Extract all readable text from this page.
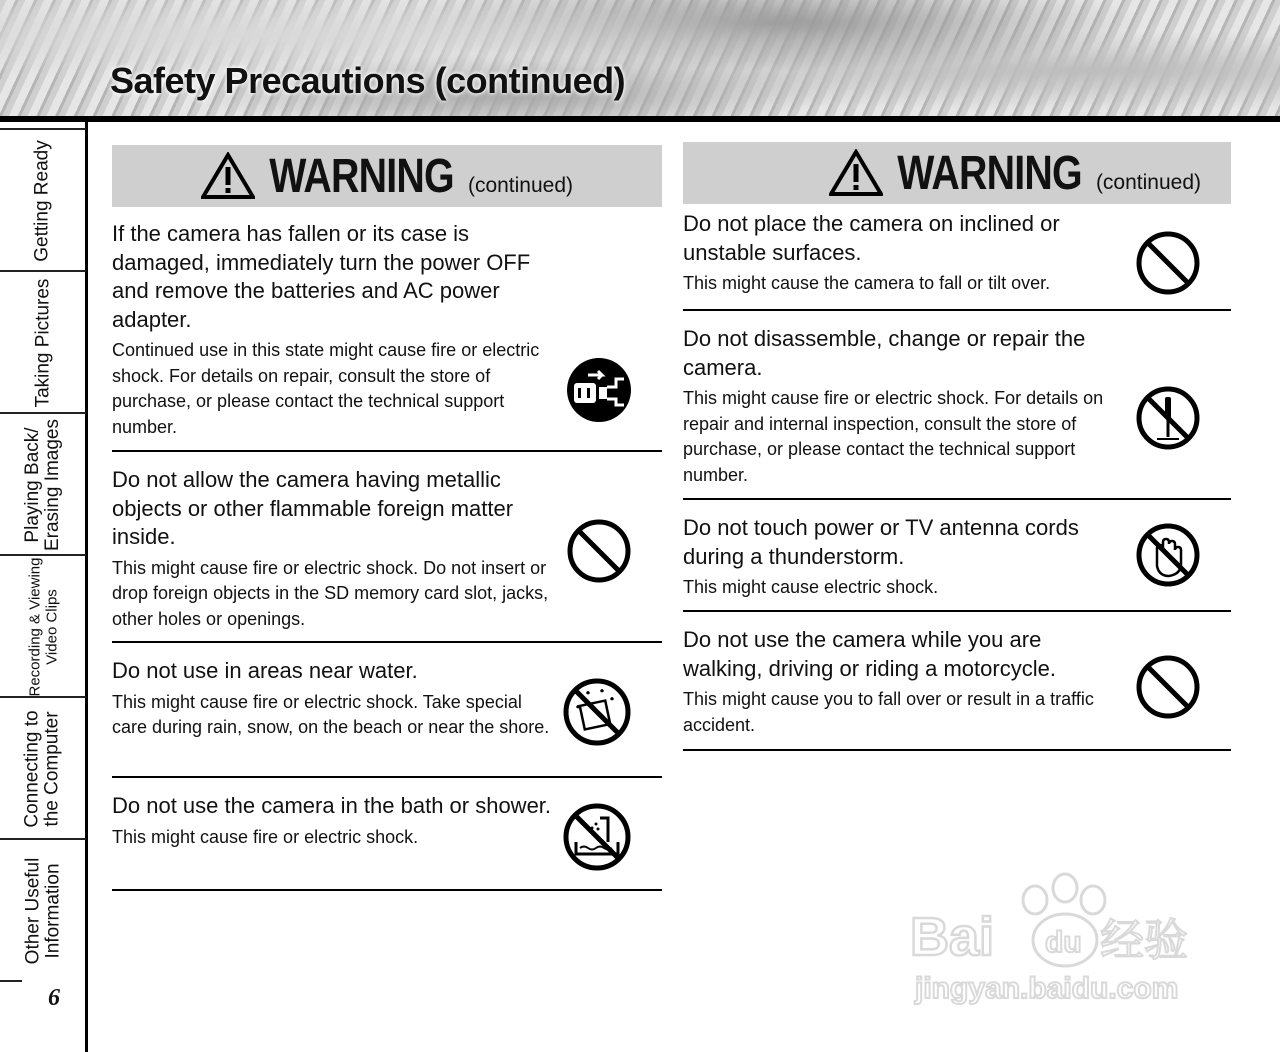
Safety Precautions (continued)
Getting Ready
Taking Pictures
Playing Back/
Erasing Images
Recording & Viewing
Video Clips
Connecting to
the Computer
Other Useful
Information
6
WARNING (continued)

If the camera has fallen or its case is damaged, immediately turn the power OFF and remove the batteries and AC power adapter.

Continued use in this state might cause fire or electric shock. For details on repair, consult the store of purchase, or please contact the technical support number.

Do not allow the camera having metallic objects or other flammable foreign matter inside.

This might cause fire or electric shock. Do not insert or drop foreign objects in the SD memory card slot, jacks, other holes or openings.

Do not use in areas near water.

This might cause fire or electric shock. Take special care during rain, snow, on the beach or near the shore.

Do not use the camera in the bath or shower.

This might cause fire or electric shock.

WARNING (continued)

Do not place the camera on inclined or unstable surfaces.

This might cause the camera to fall or tilt over.

Do not disassemble, change or repair the camera.

This might cause fire or electric shock. For details on repair and internal inspection, consult the store of purchase, or please contact the technical support number.

Do not touch power or TV antenna cords during a thunderstorm.

This might cause electric shock.

Do not use the camera while you are walking, driving or riding a motorcycle.

This might cause you to fall over or result in a traffic accident.

Bai du 经验
jingyan.baidu.com
